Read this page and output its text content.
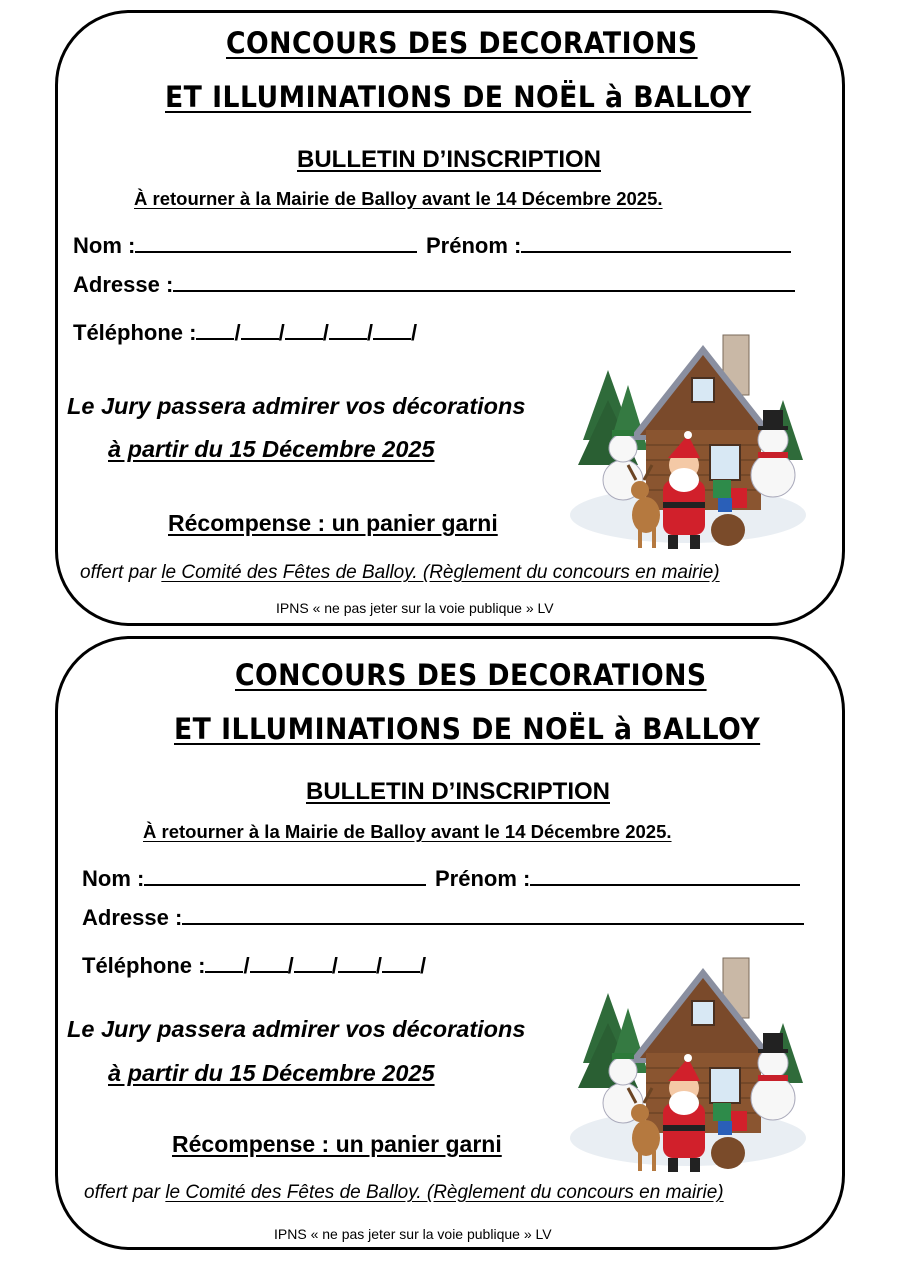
CONCOURS DES DECORATIONS
ET ILLUMINATIONS DE NOËL à BALLOY
BULLETIN D’INSCRIPTION
À retourner à la Mairie de Balloy avant le 14 Décembre 2025.
Nom :	Prénom :
Adresse :
Téléphone : / / / / /
Le Jury passera admirer vos décorations
à partir du 15 Décembre 2025
Récompense : un panier garni
offert par le Comité des Fêtes de Balloy. (Règlement du concours en mairie)
IPNS « ne pas jeter sur la voie publique » LV
CONCOURS DES DECORATIONS
ET ILLUMINATIONS DE NOËL à BALLOY
BULLETIN D’INSCRIPTION
À retourner à la Mairie de Balloy avant le 14 Décembre 2025.
Nom :	Prénom :
Adresse :
Téléphone : / / / / /
Le Jury passera admirer vos décorations
à partir du 15 Décembre 2025
Récompense : un panier garni
offert par le Comité des Fêtes de Balloy. (Règlement du concours en mairie)
IPNS « ne pas jeter sur la voie publique » LV
